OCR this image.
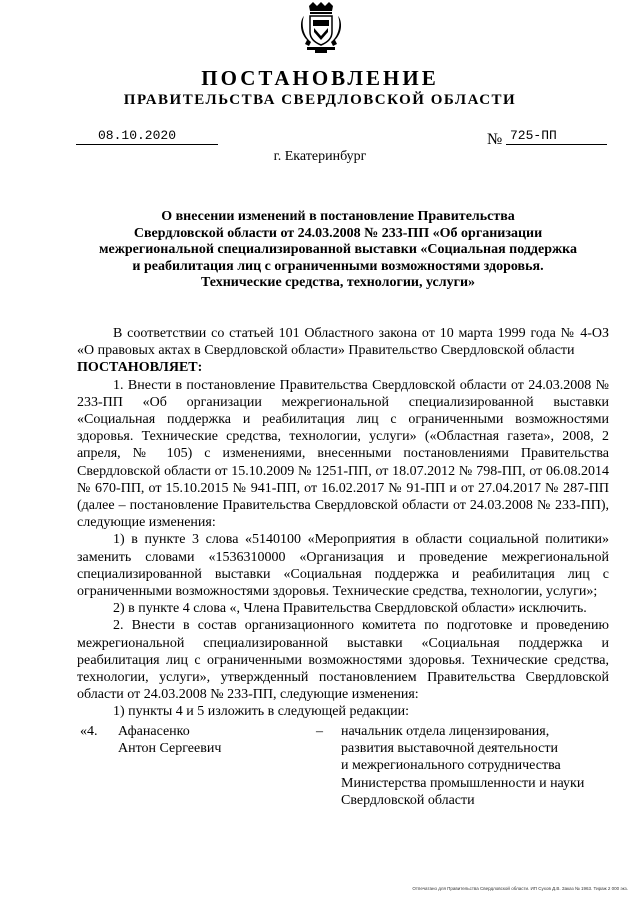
ПОСТАНОВЛЕНИЕ
ПРАВИТЕЛЬСТВА СВЕРДЛОВСКОЙ ОБЛАСТИ
08.10.2020	№ 725-ПП
г. Екатеринбург
О внесении изменений в постановление Правительства
Свердловской области от 24.03.2008 № 233-ПП «Об организации
межрегиональной специализированной выставки «Социальная поддержка
и реабилитация лиц с ограниченными возможностями здоровья.
Технические средства, технологии, услуги»

В соответствии со статьей 101 Областного закона от 10 марта 1999 года № 4-ОЗ «О правовых актах в Свердловской области» Правительство Свердловской области

ПОСТАНОВЛЯЕТ:

1. Внести в постановление Правительства Свердловской области от 24.03.2008 № 233-ПП «Об организации межрегиональной специализированной выставки «Социальная поддержка и реабилитация лиц с ограниченными возможностями здоровья. Технические средства, технологии, услуги» («Областная газета», 2008, 2 апреля, № 105) с изменениями, внесенными постановлениями Правительства Свердловской области от 15.10.2009 № 1251-ПП, от 18.07.2012 № 798-ПП, от 06.08.2014 № 670-ПП, от 15.10.2015 № 941-ПП, от 16.02.2017 № 91-ПП и от 27.04.2017 № 287-ПП (далее – постановление Правительства Свердловской области от 24.03.2008 № 233-ПП), следующие изменения:

1) в пункте 3 слова «5140100 «Мероприятия в области социальной политики» заменить словами «1536310000 «Организация и проведение межрегиональной специализированной выставки «Социальная поддержка и реабилитация лиц с ограниченными возможностями здоровья. Технические средства, технологии, услуги»;

2) в пункте 4 слова «, Члена Правительства Свердловской области» исключить.

2. Внести в состав организационного комитета по подготовке и проведению межрегиональной специализированной выставки «Социальная поддержка и реабилитация лиц с ограниченными возможностями здоровья. Технические средства, технологии, услуги», утвержденный постановлением Правительства Свердловской области от 24.03.2008 № 233-ПП, следующие изменения:

1) пункты 4 и 5 изложить в следующей редакции:

«4. Афанасенко
Антон Сергеевич
– начальник отдела лицензирования,
развития выставочной деятельности
и межрегионального сотрудничества
Министерства промышленности и науки
Свердловской области
Отпечатано для Правительства Свердловской области. ИП Сухов Д.В. Заказ № 1963. Тираж 2 000 экз.
